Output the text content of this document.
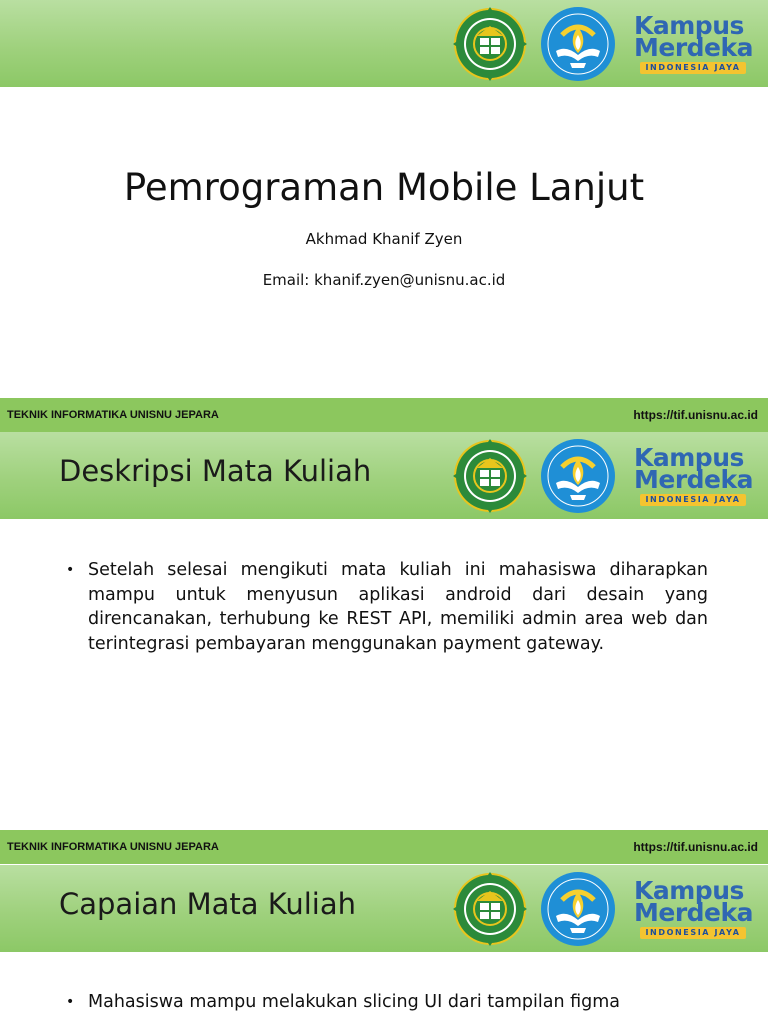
Kampus
Merdeka
INDONESIA JAYA
Pemrograman Mobile Lanjut
Akhmad Khanif Zyen
Email: khanif.zyen@unisnu.ac.id
TEKNIK INFORMATIKA UNISNU JEPARA	https://tif.unisnu.ac.id
Deskripsi Mata Kuliah	Kampus
Merdeka
INDONESIA JAYA
• Setelah selesai mengikuti mata kuliah ini mahasiswa diharapkan mampu untuk menyusun aplikasi android dari desain yang direncanakan, terhubung ke REST API, memiliki admin area web dan terintegrasi pembayaran menggunakan payment gateway.
TEKNIK INFORMATIKA UNISNU JEPARA	https://tif.unisnu.ac.id
Capaian Mata Kuliah	Kampus
Merdeka
INDONESIA JAYA
• Mahasiswa mampu melakukan slicing UI dari tampilan figma
